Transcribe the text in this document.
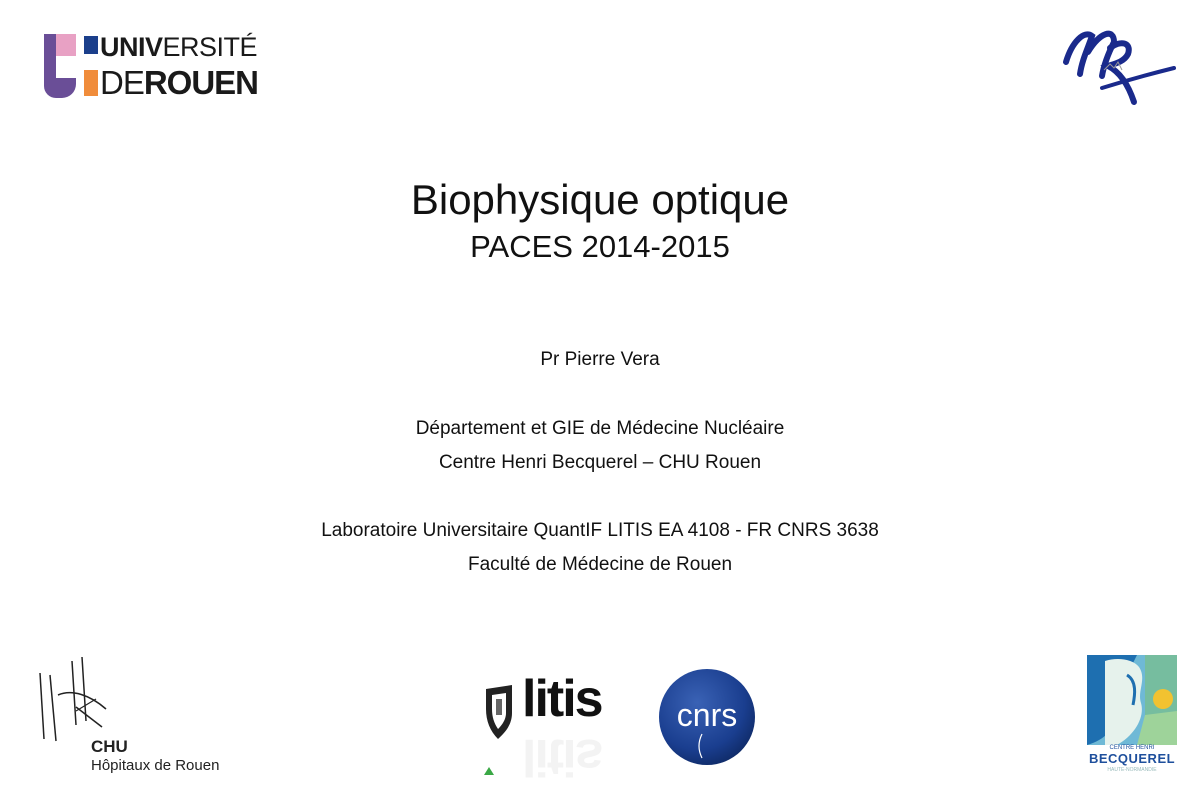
UNIVERSITÉ
DEROUEN
Biophysique optique
PACES 2014-2015
Pr Pierre Vera
Département et GIE de Médecine Nucléaire
Centre Henri Becquerel – CHU Rouen
Laboratoire Universitaire QuantIF LITIS EA 4108 - FR CNRS 3638
Faculté de Médecine de Rouen
CHU
Hôpitaux de Rouen
litis
litis
cnrs
CENTRE HENRI
BECQUEREL
HAUTE-NORMANDIE
